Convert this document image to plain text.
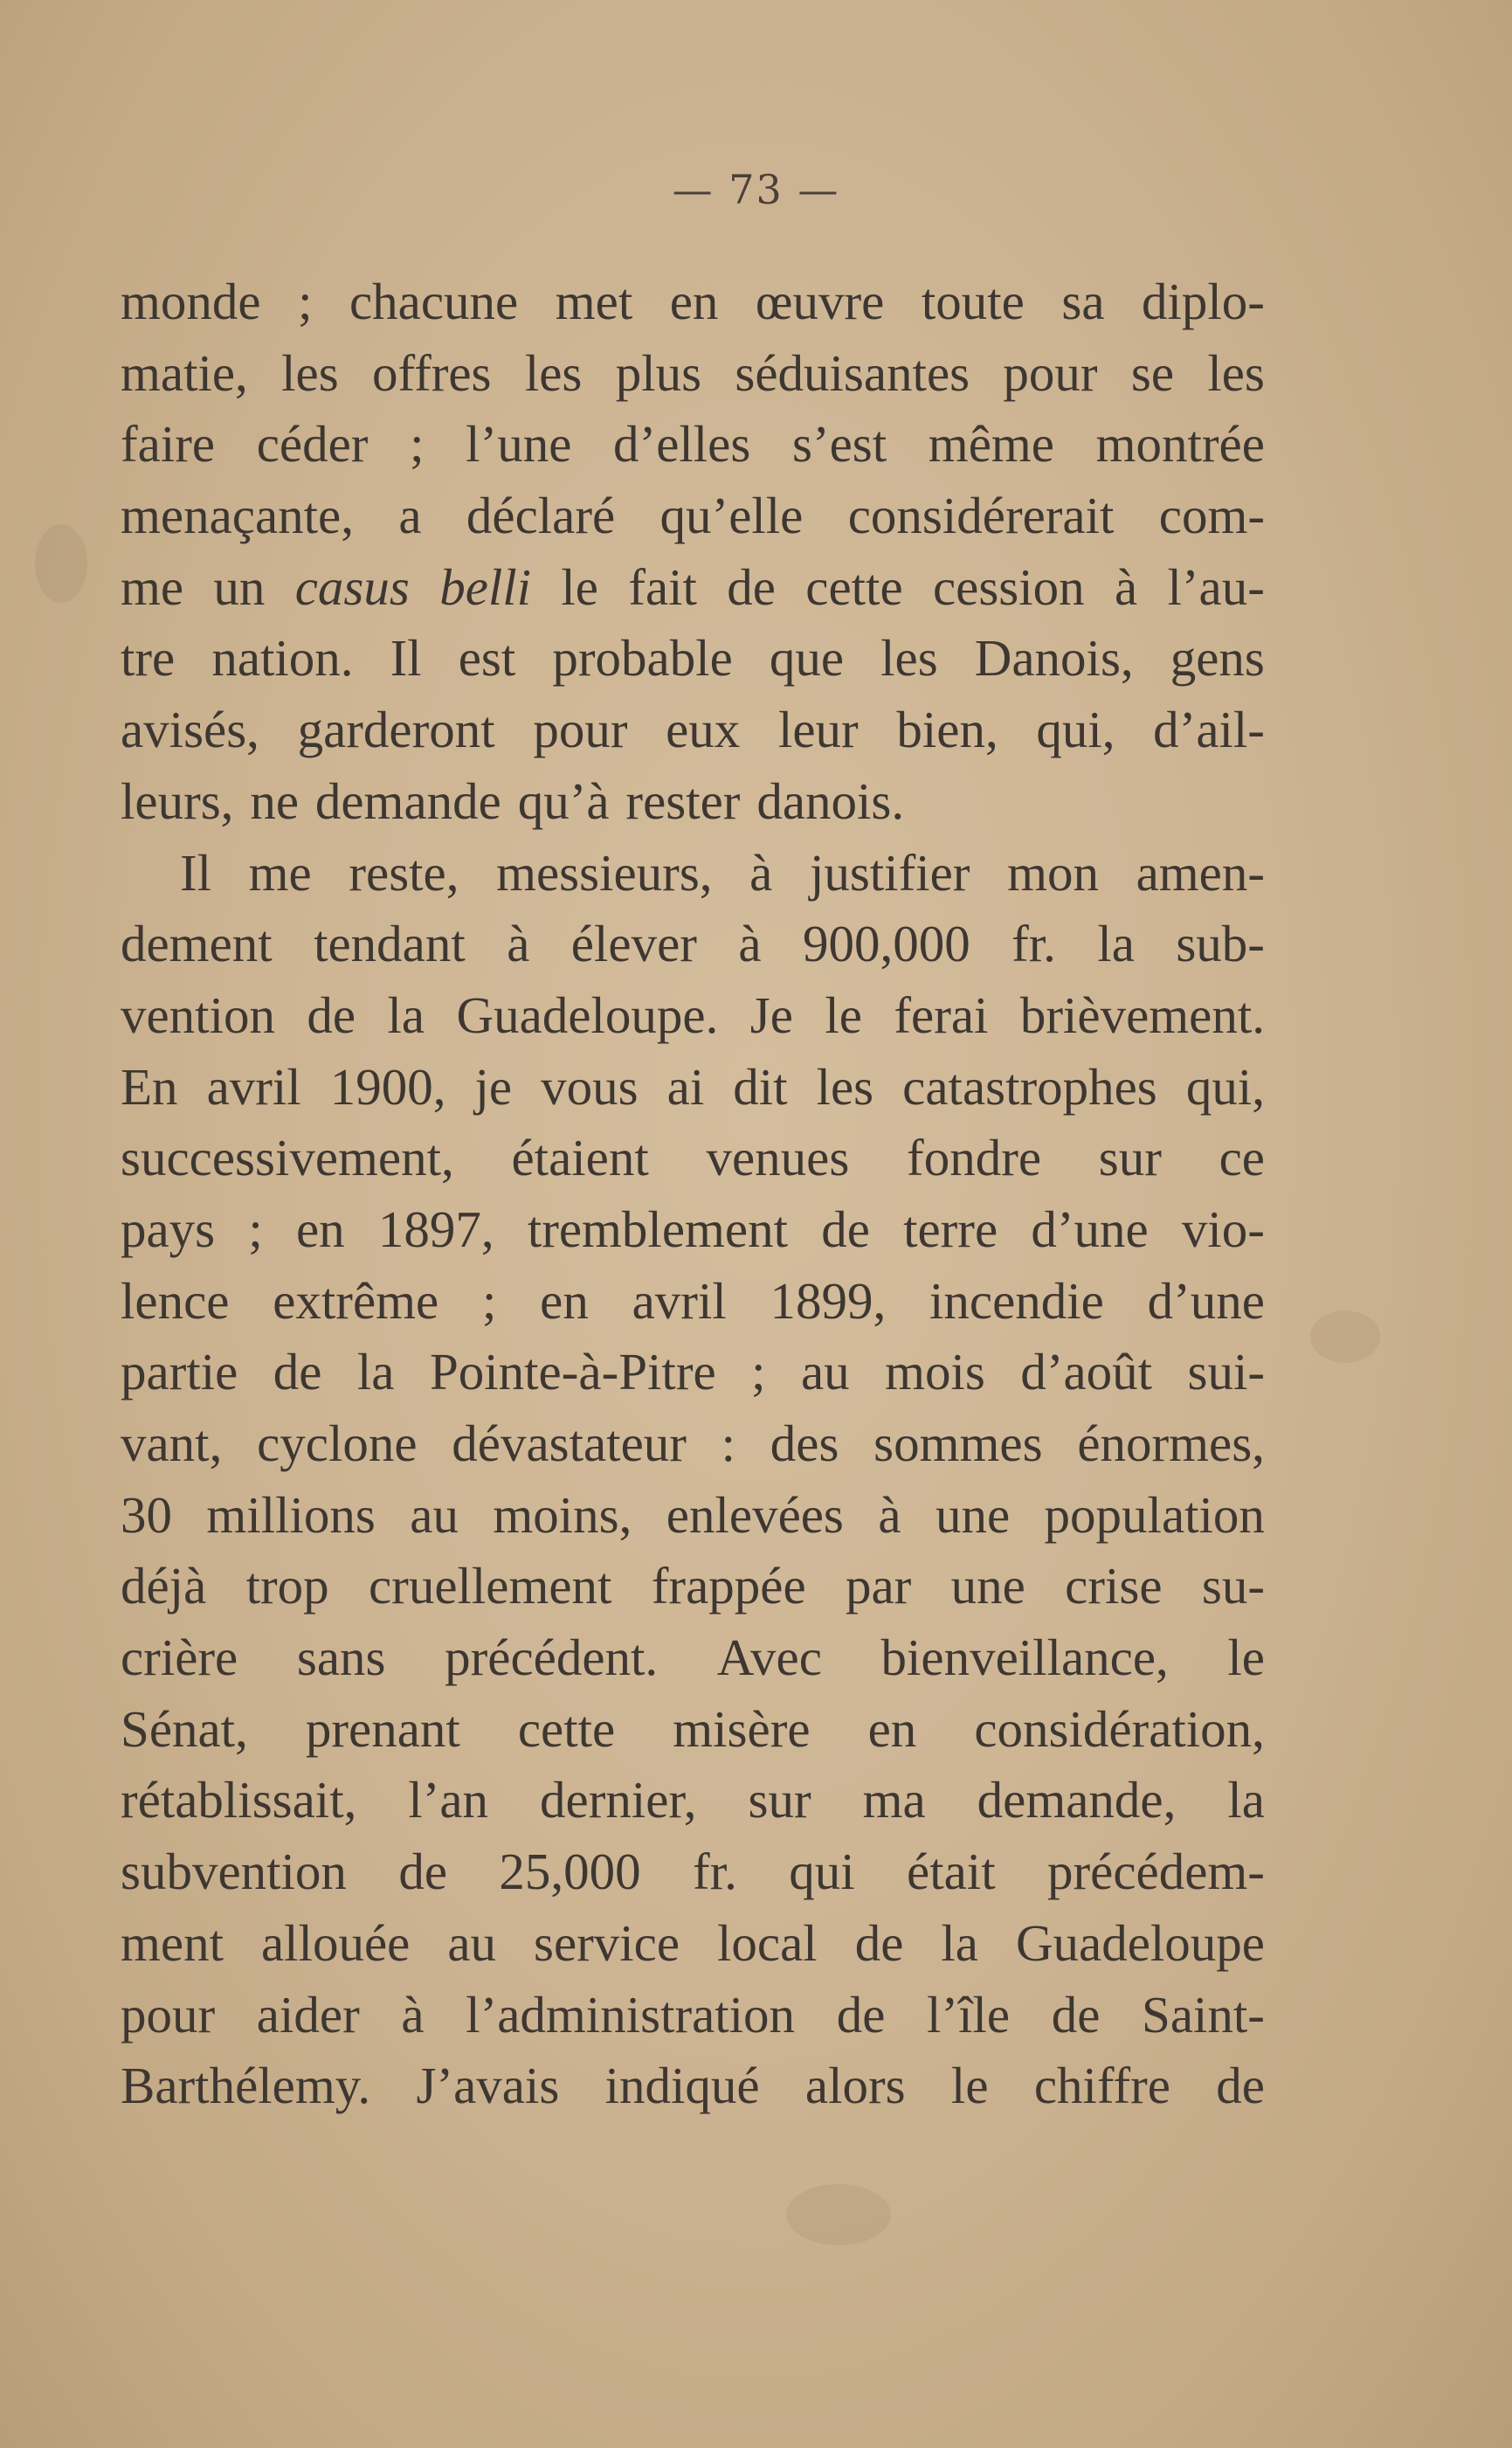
— 73 —
monde ; chacune met en œuvre toute sa diplo-
matie, les offres les plus séduisantes pour se les
faire céder ; l’une d’elles s’est même montrée
menaçante, a déclaré qu’elle considérerait com-
me un casus belli le fait de cette cession à l’au-
tre nation. Il est probable que les Danois, gens
avisés, garderont pour eux leur bien, qui, d’ail-
leurs, ne demande qu’à rester danois.
Il me reste, messieurs, à justifier mon amen-
dement tendant à élever à 900,000 fr. la sub-
vention de la Guadeloupe. Je le ferai brièvement.
En avril 1900, je vous ai dit les catastrophes qui,
successivement, étaient venues fondre sur ce
pays ; en 1897, tremblement de terre d’une vio-
lence extrême ; en avril 1899, incendie d’une
partie de la Pointe-à-Pitre ; au mois d’août sui-
vant, cyclone dévastateur : des sommes énormes,
30 millions au moins, enlevées à une population
déjà trop cruellement frappée par une crise su-
crière sans précédent. Avec bienveillance, le
Sénat, prenant cette misère en considération,
rétablissait, l’an dernier, sur ma demande, la
subvention de 25,000 fr. qui était précédem-
ment allouée au service local de la Guadeloupe
pour aider à l’administration de l’île de Saint-
Barthélemy. J’avais indiqué alors le chiffre de
